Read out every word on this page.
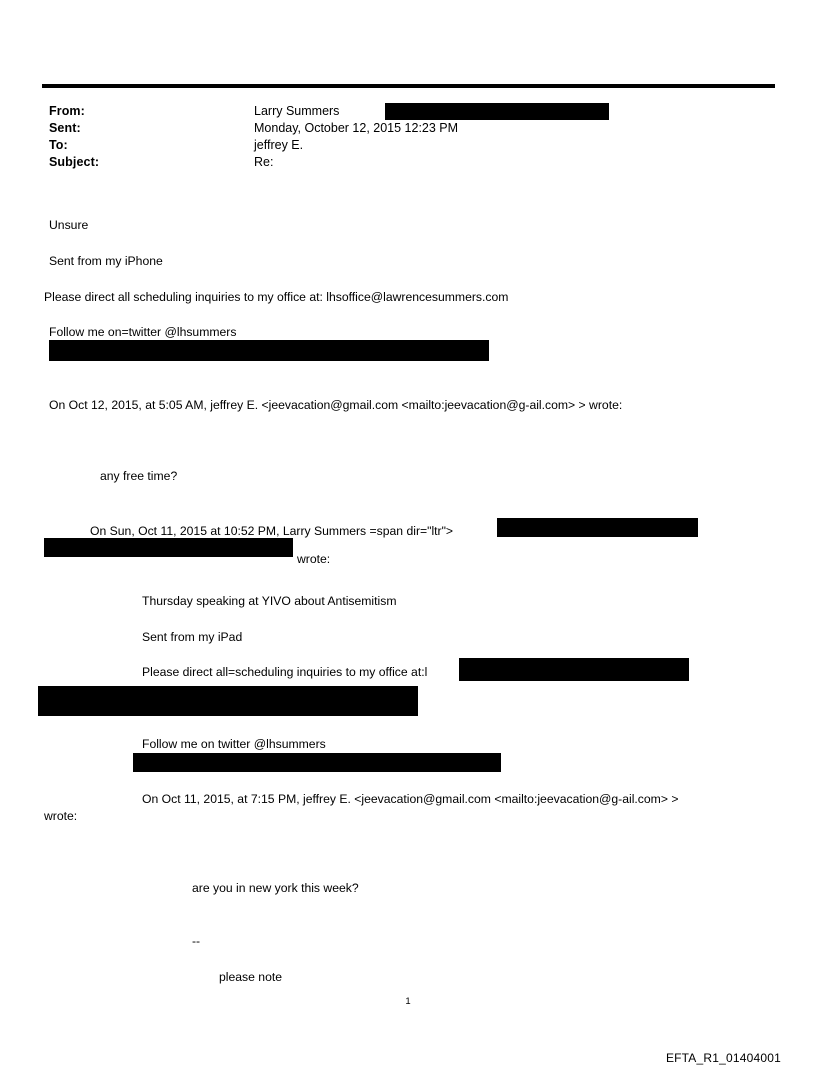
From:	Larry Summers
Sent:	Monday, October 12, 2015 12:23 PM
To:	jeffrey E.
Subject:	Re:
Unsure
Sent from my iPhone
Please direct all scheduling inquiries to my office at: lhsoffice@lawrencesummers.com
Follow me on=twitter @lhsummers
On Oct 12, 2015, at 5:05 AM, jeffrey E. <jeevacation@gmail.com <mailto:jeevacation@g-ail.com> > wrote:
any free time?
On Sun, Oct 11, 2015 at 10:52 PM, Larry Summers =span dir="ltr">
wrote:
Thursday speaking at YIVO about Antisemitism
Sent from my iPad
Please direct all=scheduling inquiries to my office at:l
Follow me on twitter @lhsummers
On Oct 11, 2015, at 7:15 PM, jeffrey E. <jeevacation@gmail.com <mailto:jeevacation@g-ail.com> >
wrote:
are you in new york this week?
--
please note
1
EFTA_R1_01404001
